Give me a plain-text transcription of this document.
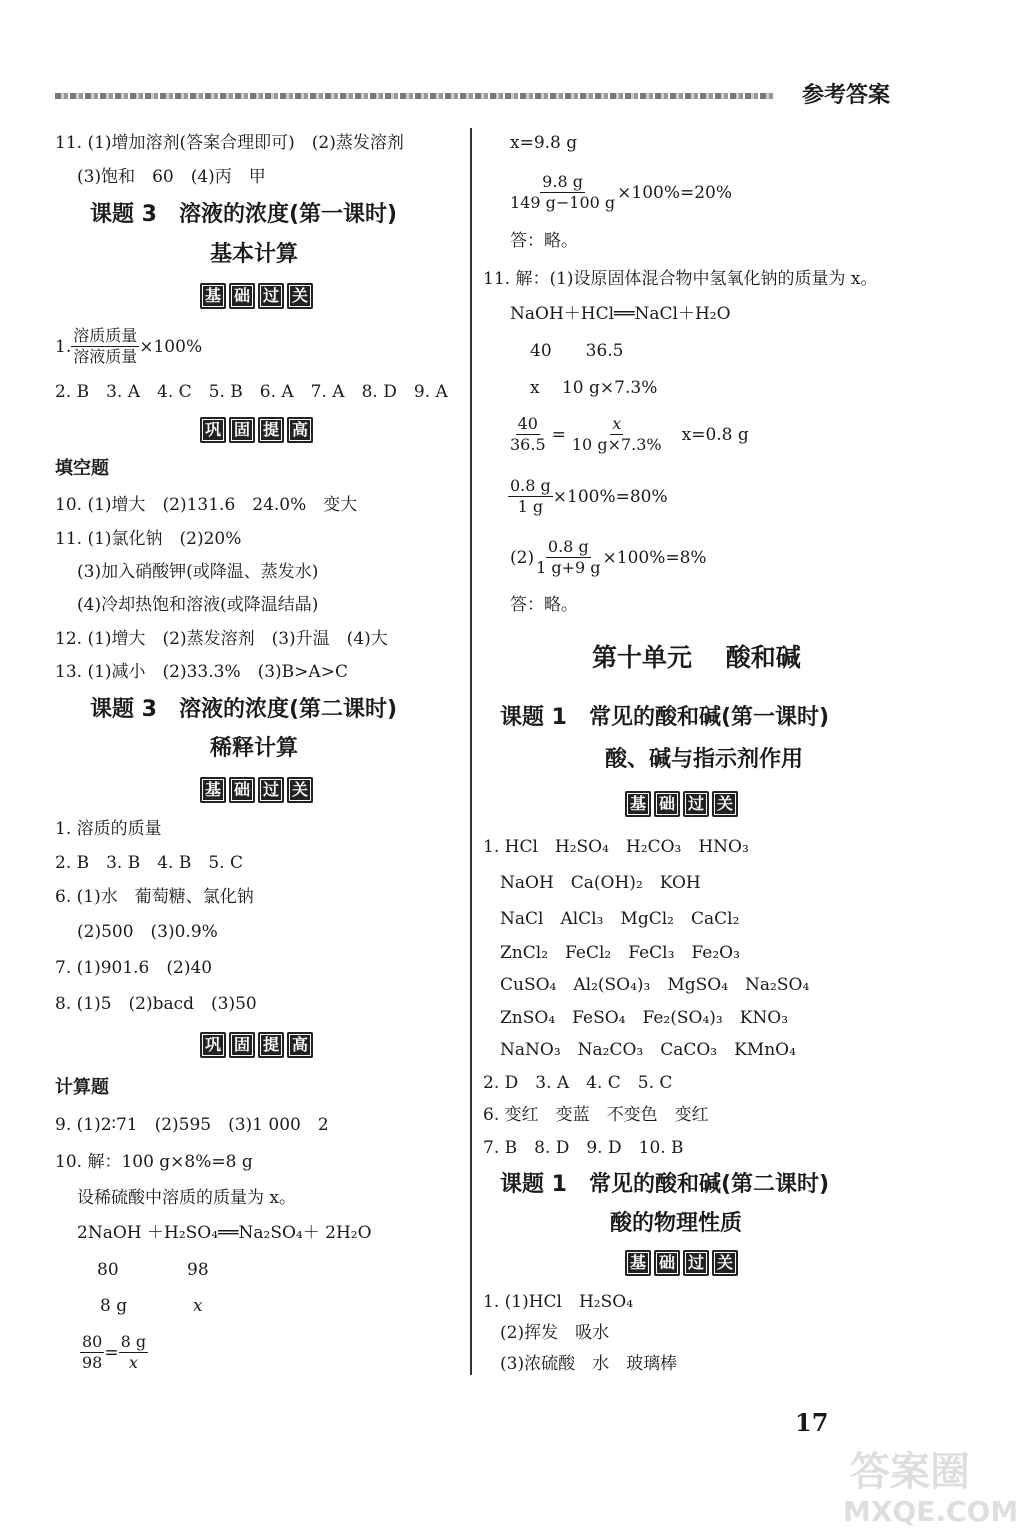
参考答案
11. (1)增加溶剂(答案合理即可)　(2)蒸发溶剂
(3)饱和　60　(4)丙　甲
课题 3　溶液的浓度(第一课时)
基本计算
基 础 过 关
1. $\frac{\text{溶质质量}}{\text{溶液质量}} \times 100\%$
2. B　3. A　4. C　5. B　6. A　7. A　8. D　9. A
巩 固 提 高
填空题
10. (1)增大　(2)131.6　24.0%　变大
11. (1)氯化钠　(2)20%
(3)加入硝酸钾(或降温、蒸发水)
(4)冷却热饱和溶液(或降温结晶)
12. (1)增大　(2)蒸发溶剂　(3)升温　(4)大
13. (1)减小　(2)33.3%　(3)B>A>C
课题 3　溶液的浓度(第二课时)
稀释计算
基 础 过 关
1. 溶质的质量
2. B　3. B　4. B　5. C
6. (1)水　葡萄糖、氯化钠
(2)500　(3)0.9%
7. (1)901.6　(2)40
8. (1)5　(2)bacd　(3)50
巩 固 提 高
计算题
9. (1)2∶71　(2)595　(3)1 000　2
10. 解：100 g×8%=8 g
设稀硫酸中溶质的质量为 x。
2NaOH ＋H₂SO₄══Na₂SO₄＋ 2H₂O
80	98
8 g	x
$\frac{80}{98} = \frac{8 g}{x}$
x=9.8 g
$\frac{9.8 g}{149 g-100 g} \times 100\%=20\%$
答：略。
11. 解：(1)设原固体混合物中氢氧化钠的质量为 x。
NaOH＋HCl══NaCl＋H₂O
40　　36.5
x　 10 g×7.3%
$\frac{40}{36.5} = \frac{x}{10 g\times 7.3\%} x=0.8$ g
$\frac{0.8 g}{1 g} \times 100\%=80\%$
$(2) \frac{0.8 g}{1 g+9 g} \times 100\%=8\%$
答：略。
第十单元　 酸和碱
课题 1　常见的酸和碱(第一课时)
酸、碱与指示剂作用
基 础 过 关
1. HCl　H₂SO₄　H₂CO₃　HNO₃
NaOH　Ca(OH)₂　KOH
NaCl　AlCl₃　MgCl₂　CaCl₂
ZnCl₂　FeCl₂　FeCl₃　Fe₂O₃
CuSO₄　Al₂(SO₄)₃　MgSO₄　Na₂SO₄
ZnSO₄　FeSO₄　Fe₂(SO₄)₃　KNO₃
NaNO₃　Na₂CO₃　CaCO₃　KMnO₄
2. D　3. A　4. C　5. C
6. 变红　变蓝　不变色　变红
7. B　8. D　9. D　10. B
课题 1　常见的酸和碱(第二课时)
酸的物理性质
基 础 过 关
1. (1)HCl　H₂SO₄
(2)挥发　吸水
(3)浓硫酸　水　玻璃棒
17
答案圈
MXQE.COM
